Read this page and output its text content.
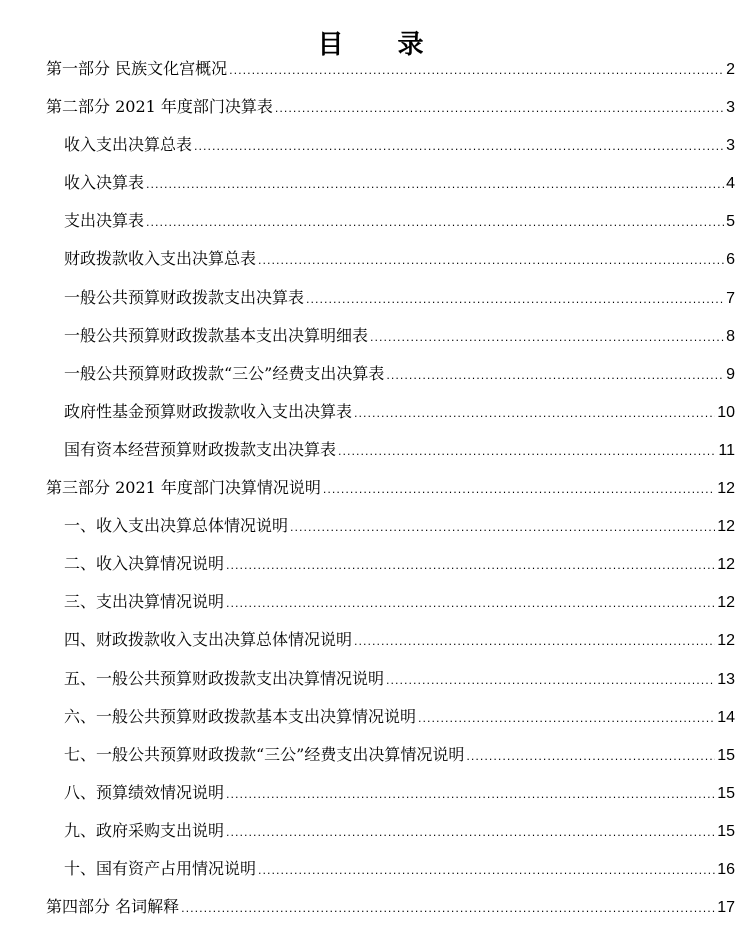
目　录
第一部分 民族文化宫概况 .....	2
第二部分 2021 年度部门决算表 .....	3
收入支出决算总表 .....	3
收入决算表 .....	4
支出决算表 .....	5
财政拨款收入支出决算总表 .....	6
一般公共预算财政拨款支出决算表 .....	7
一般公共预算财政拨款基本支出决算明细表 .....	8
一般公共预算财政拨款“三公”经费支出决算表 .....	9
政府性基金预算财政拨款收入支出决算表 .....	10
国有资本经营预算财政拨款支出决算表 .....	11
第三部分 2021 年度部门决算情况说明 .....	12
一、收入支出决算总体情况说明 .....	12
二、收入决算情况说明 .....	12
三、支出决算情况说明 .....	12
四、财政拨款收入支出决算总体情况说明 .....	12
五、一般公共预算财政拨款支出决算情况说明 .....	13
六、一般公共预算财政拨款基本支出决算情况说明 .....	14
七、一般公共预算财政拨款“三公”经费支出决算情况说明 .....	15
八、预算绩效情况说明 .....	15
九、政府采购支出说明 .....	15
十、国有资产占用情况说明 .....	16
第四部分 名词解释 .....	17
